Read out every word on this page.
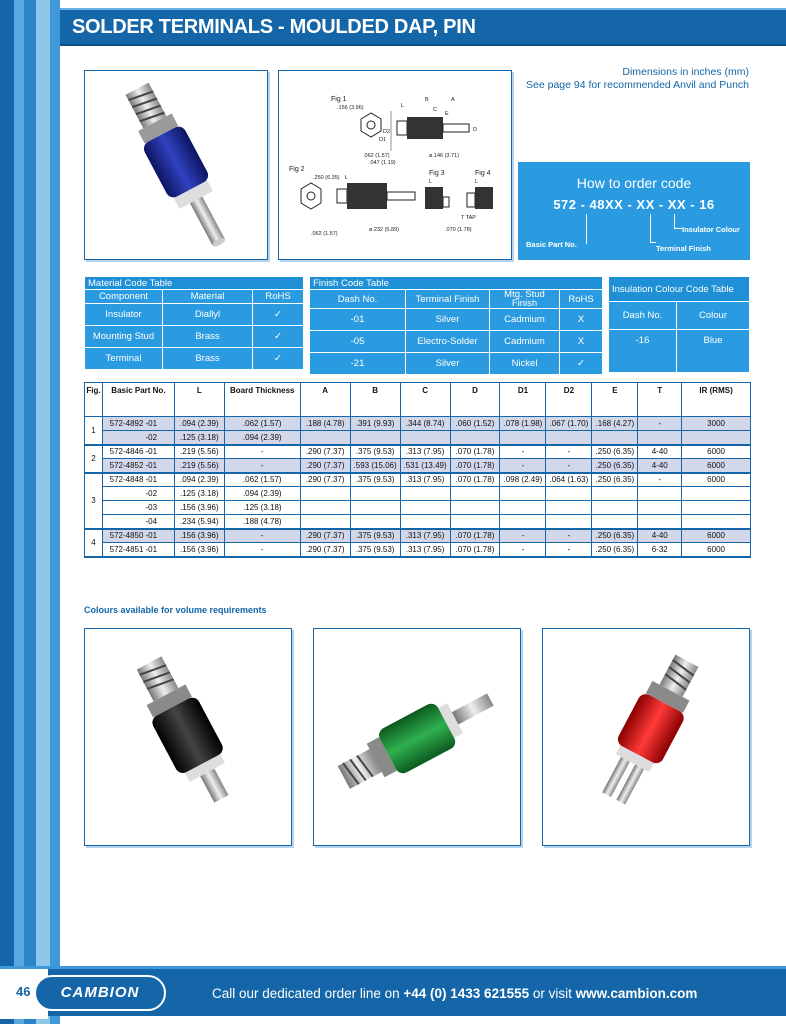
SOLDER TERMINALS - MOULDED DAP, PIN
Fig 1
.156 (3.96)
B	A
L
E
C
D1
D2	D
.062 (1.57)
.047 (1.19)
ø.146 (3.71)
Fig 2
.250 (6.35) L
ø.232 (5.89)
.062 (1.57)
Fig 3
L
Fig 4
L
T TAP
.070 (1.78)
Dimensions in inches (mm)
See page 94 for recommended Anvil and Punch
How to order code
572 - 48XX - XX - XX - 16
Basic Part No.	Terminal Finish
Insulator Colour
Material Code Table		
Component	Material	RoHS
Insulator	Diallyl	✓
Mounting Stud	Brass	✓
Terminal	Brass	✓
Finish Code Table			
Dash No.	Terminal Finish	Mtg. Stud Finish	RoHS
-01	Silver	Cadmium	X
-05	Electro-Solder	Cadmium	X
-21	Silver	Nickel	✓
Insulation Colour Code Table	
Dash No.	Colour
-16	Blue
Fig.	Basic Part No.		L	Board Thickness	A	B	C	D	D1	D2	E	T	IR (RMS)
1	572-4892	-01	.094 (2.39)	.062 (1.57)	.188 (4.78)	.391 (9.93)	.344 (8.74)	.060 (1.52)	.078 (1.98)	.067 (1.70)	.168 (4.27)	-	3000
		-02	.125 (3.18)	.094 (2.39)									
2	572-4846	-01	.219 (5.56)	-	.290 (7.37)	.375 (9.53)	.313 (7.95)	.070 (1.78)	-	-	.250 (6.35)	4-40	6000
	572-4852	-01	.219 (5.56)	-	.290 (7.37)	.593 (15.06)	.531 (13.49)	.070 (1.78)	-	-	.250 (6.35)	4-40	6000
3	572-4848	-01	.094 (2.39)	.062 (1.57)	.290 (7.37)	.375 (9.53)	.313 (7.95)	.070 (1.78)	.098 (2.49)	.064 (1.63)	.250 (6.35)	-	6000
		-02	.125 (3.18)	.094 (2.39)									
		-03	.156 (3.96)	.125 (3.18)									
		-04	.234 (5.94)	.188 (4.78)									
4	572-4850	-01	.156 (3.96)	-	.290 (7.37)	.375 (9.53)	.313 (7.95)	.070 (1.78)	-	-	.250 (6.35)	4-40	6000
	572-4851	-01	.156 (3.96)	-	.290 (7.37)	.375 (9.53)	.313 (7.95)	.070 (1.78)	-	-	.250 (6.35)	6-32	6000
Colours available for volume requirements
46	CAMBION	Call our dedicated order line on +44 (0) 1433 621555 or visit www.cambion.com
